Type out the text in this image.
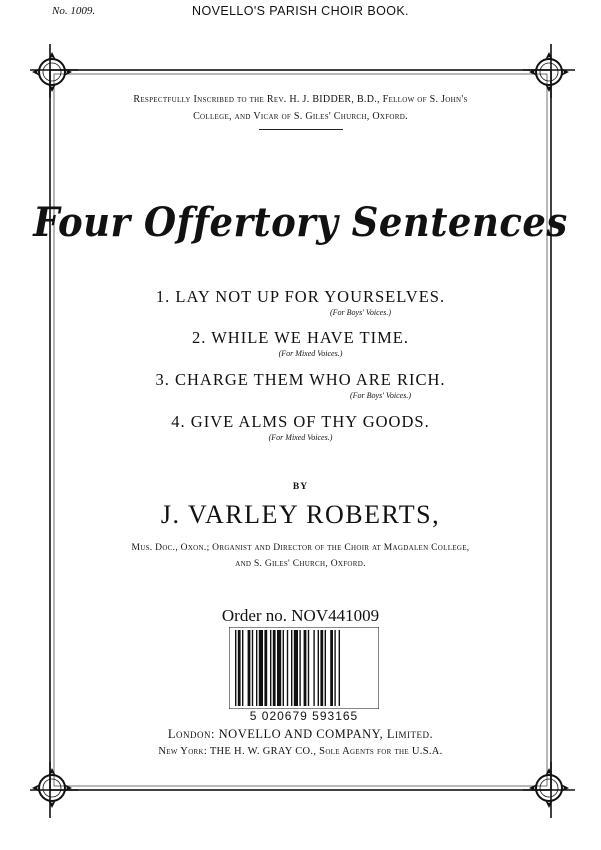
No. 1009.	NOVELLO'S PARISH CHOIR BOOK.
Respectfully Inscribed to the Rev. H. J. BIDDER, B.D., Fellow of S. John's
College, and Vicar of S. Giles' Church, Oxford.
Four Offertory Sentences
1. LAY NOT UP FOR YOURSELVES.
(For Boys' Voices.)
2. WHILE WE HAVE TIME.
(For Mixed Voices.)
3. CHARGE THEM WHO ARE RICH.
(For Boys' Voices.)
4. GIVE ALMS OF THY GOODS.
(For Mixed Voices.)
BY
J. VARLEY ROBERTS,
Mus. Doc., Oxon.; Organist and Director of the Choir at Magdalen College,
and S. Giles' Church, Oxford.
Order no. NOV441009
5 020679 593165
London: NOVELLO AND COMPANY, Limited.
New York: THE H. W. GRAY CO., Sole Agents for the U.S.A.
